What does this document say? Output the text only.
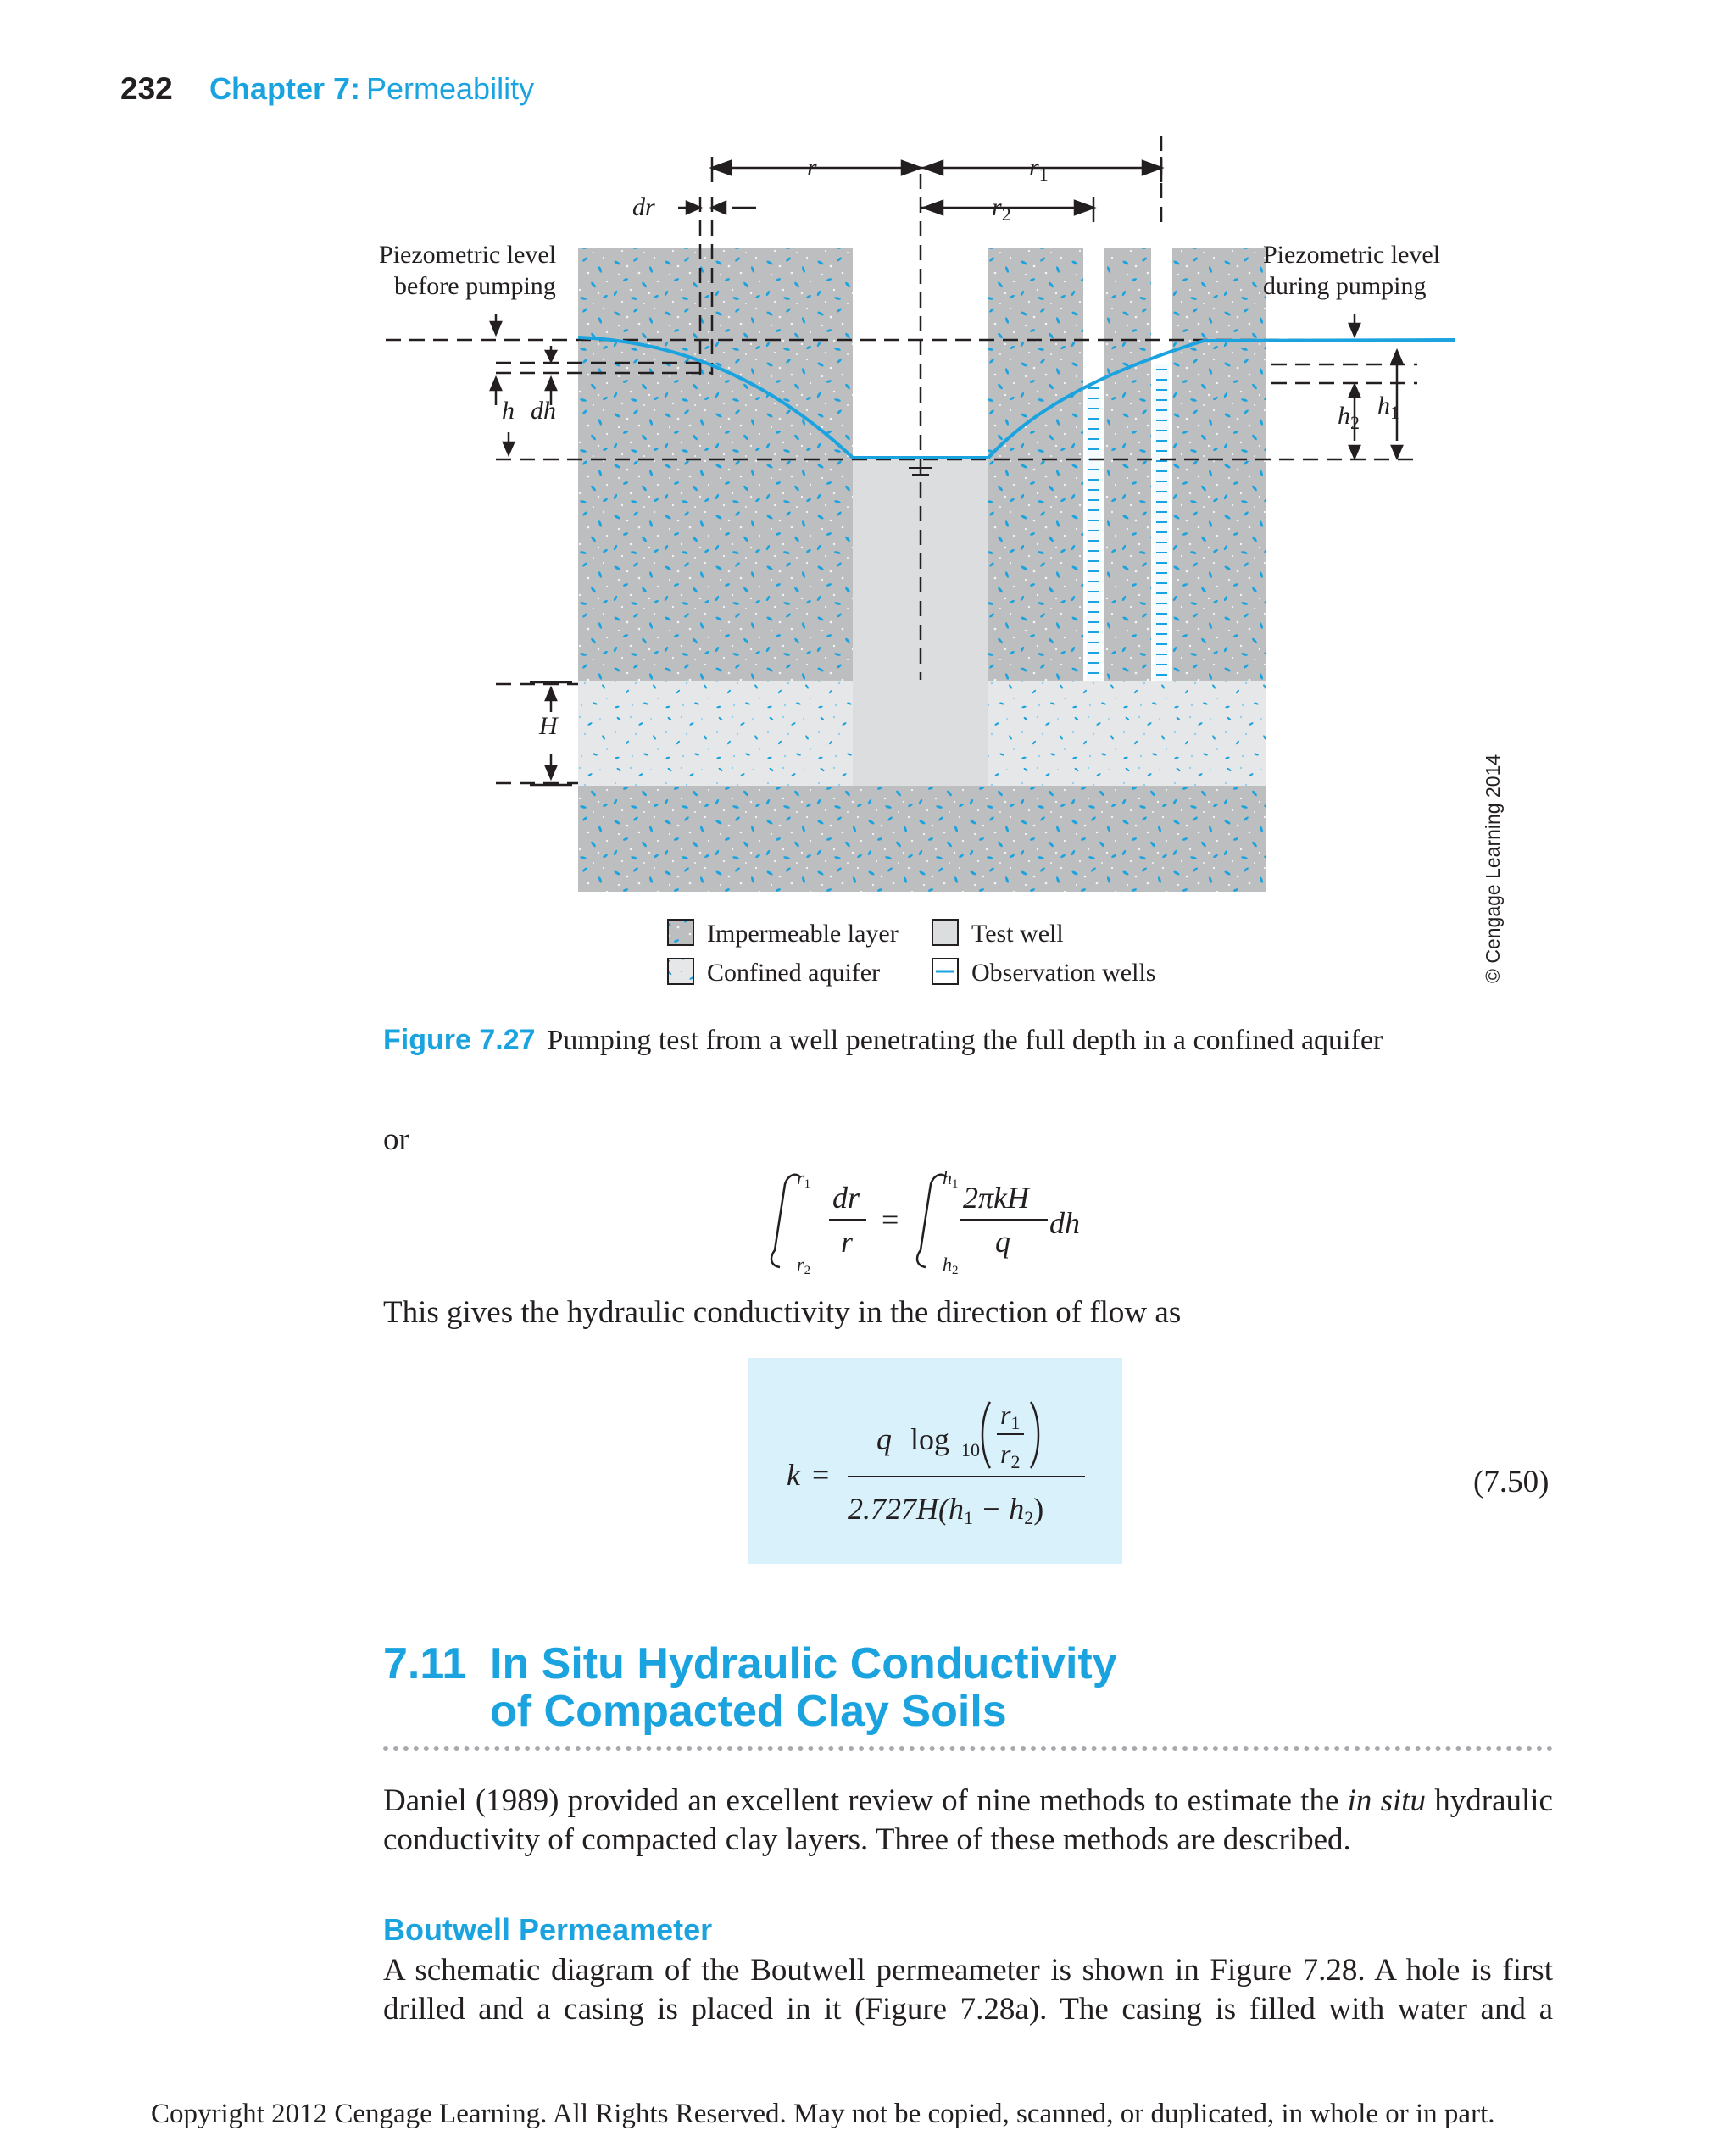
232 Chapter 7: Permeability
r	$r_1$
$r_2$
dr
Piezometric level
before pumping
Piezometric level
during pumping
h dh	$h_1$
$h_2$
H
Impermeable layer
Confined aquifer
Test well
Observation wells	© Cengage Learning 2014
Figure 7.27 Pumping test from a well penetrating the full depth in a confined aquifer
or
r1
r2
dr
r
=
h1
h2
2πkH
q
dh
This gives the hydraulic conductivity in the direction of flow as
k =
q log 10
r1
r2
2.727H(h1 − h2)
(7.50)
7.11 In Situ Hydraulic Conductivity
of Compacted Clay Soils
Daniel (1989) provided an excellent review of nine methods to estimate the in situ hydraulic conductivity of compacted clay layers. Three of these methods are described.
Boutwell Permeameter
A schematic diagram of the Boutwell permeameter is shown in Figure 7.28. A hole is first
drilled and a casing is placed in it (Figure 7.28a). The casing is filled with water and a
Copyright 2012 Cengage Learning. All Rights Reserved. May not be copied, scanned, or duplicated, in whole or in part.
